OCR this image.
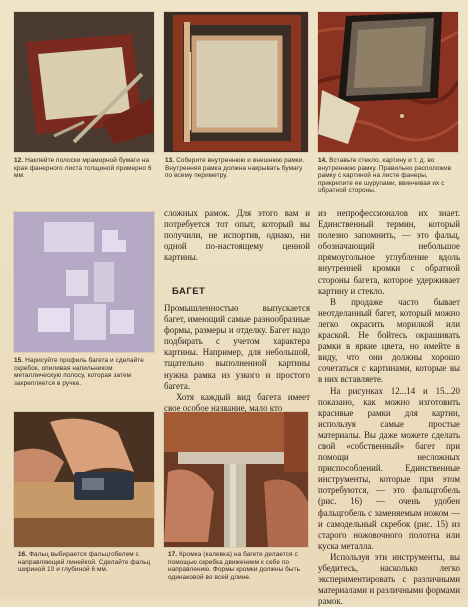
12. Наклейте полоски мраморной бумаги на края фанерного листа толщиной примерно 6 мм.
13. Соберите внутреннюю и внешнюю рамки. Внутренняя рамка должна накрывать бумагу по всему периметру.
14. Вставьте стекло, картину и т. д. во внутреннюю рамку. Правильно расположив рамку с картиной на листе фанеры, прикрепите ее шурупами, ввинчивая их с обратной стороны.
15. Нарисуйте профиль багета и сделайте скребок, опиливая напильником металлическую полосу, которая затем закрепляется в ручке.
16. Фальц выбирается фальцгобелем с направляющей линейкой. Сделайте фальц шириной 10 и глубиной 6 мм.
17. Кромка (калевка) на багете делается с помощью скребка движением к себе по направлению. Формы кромки должны быть одинаковой во всей длине.

сложных рамок. Для этого вам и потребуется тот опыт, который вы получили, не испортив, однако, ни одной по-настоящему ценной картины.

БАГЕТ

Промышленностью выпускается багет, имеющий самые разнообразные формы, размеры и отделку. Багет надо подбирать с учетом характера картины. Например, для небольшой, тщательно выполненной картины нужна рамка из узкого и простого багета.

Хотя каждый вид багета имеет свое особое название, мало кто

из непрофессионалов их знает. Единственный термин, который полезно запомнить, — это фальц, обозначающий небольшое прямоугольное углубление вдоль внутренней кромки с обратной стороны багета, которое удерживает картину и стекло.

В продаже часто бывает неотделанный багет, который можно легко окрасить морилкой или краской. Не бойтесь окрашивать рамки в яркие цвета, но имейте в виду, что они должны хорошо сочетаться с картинами, которые вы в них вставляете.

На рисунках 12...14 и 15...20 показано, как можно изготовить красивые рамки для картин, используя самые простые материалы. Вы даже можете сделать свой «собственный» багет при помощи несложных приспособлений. Единственные инструменты, которые при этом потребуются, — это фальцгобель (рис. 16) — очень удобен фальцгобель с заменяемым ножом — и самодельный скребок (рис. 15) из старого ножовочного полотна или куска металла.

Используя эти инструменты, вы убедитесь, насколько легко экспериментировать с различными материалами и различными формами рамок.
